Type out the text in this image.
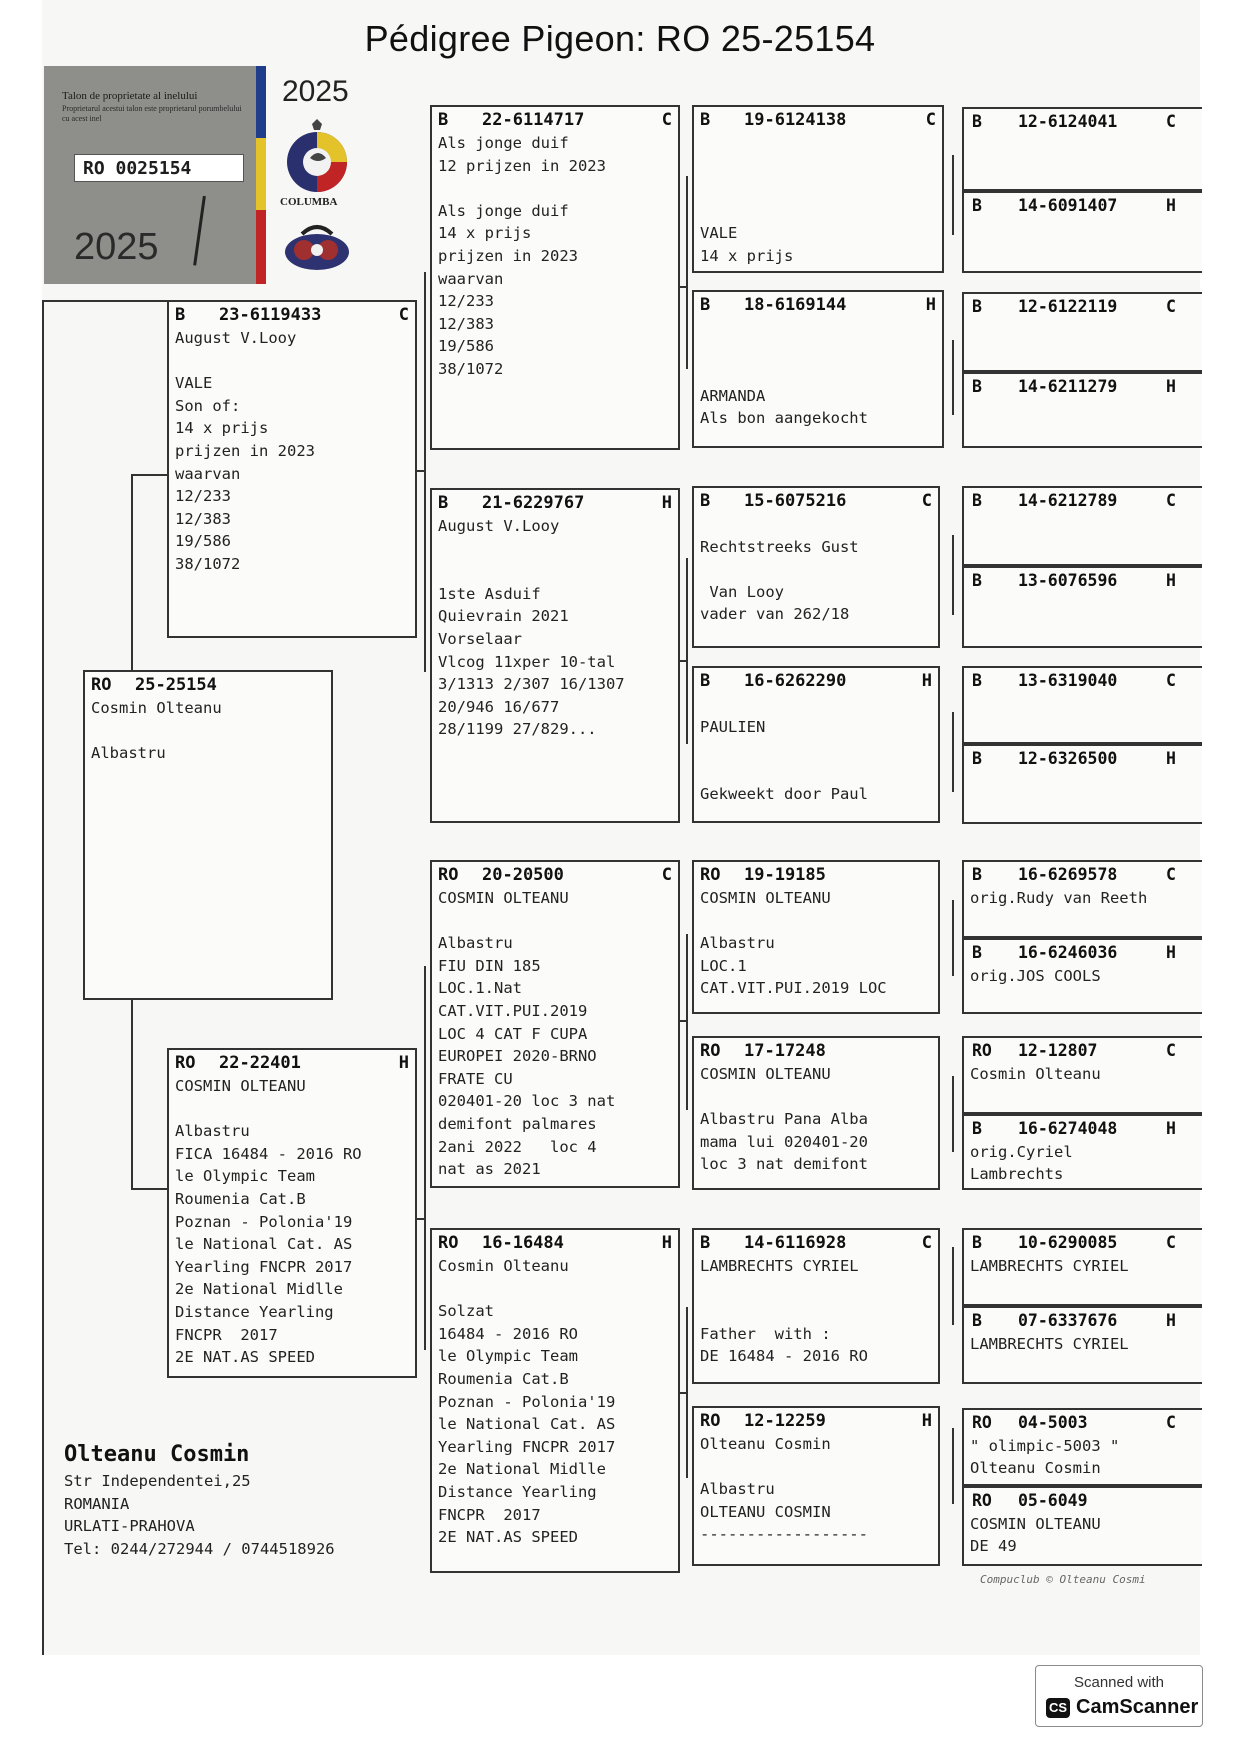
Pédigree Pigeon: RO 25-25154
Talon de proprietate al inelului
Proprietarul acestui talon este proprietarul porumbelului cu acest inel
RO 0025154
2025
2025
COLUMBA
RO	25-25154

Cosmin Olteanu

Albastru
B	23-6119433	C
August V.Looy

VALE
Son of:
14 x prijs
prijzen in 2023
waarvan
12/233
12/383
19/586
38/1072
RO	22-22401	H
COSMIN OLTEANU

Albastru
FICA 16484 - 2016 RO
le Olympic Team
Roumenia Cat.B
Poznan - Polonia'19
le National Cat. AS
Yearling FNCPR 2017
2e National Midlle
Distance Yearling
FNCPR  2017
2E NAT.AS SPEED
B	22-6114717	C
Als jonge duif
12 prijzen in 2023

Als jonge duif
14 x prijs
prijzen in 2023
waarvan
12/233
12/383
19/586
38/1072
B	21-6229767	H
August V.Looy

1ste Asduif
Quievrain 2021
Vorselaar
Vlcog 11xper 10-tal
3/1313 2/307 16/1307
20/946 16/677
28/1199 27/829...
RO	20-20500	C
COSMIN OLTEANU

Albastru
FIU DIN 185
LOC.1.Nat
CAT.VIT.PUI.2019
LOC 4 CAT F CUPA
EUROPEI 2020-BRNO
FRATE CU
020401-20 loc 3 nat
demifont palmares
2ani 2022   loc 4
nat as 2021
RO	16-16484	H
Cosmin Olteanu

Solzat
16484 - 2016 RO
le Olympic Team
Roumenia Cat.B
Poznan - Polonia'19
le National Cat. AS
Yearling FNCPR 2017
2e National Midlle
Distance Yearling
FNCPR  2017
2E NAT.AS SPEED
B	19-6124138	C

VALE
14 x prijs
B	18-6169144	H

ARMANDA
Als bon aangekocht
B	15-6075216	C

Rechtstreeks Gust

Van Looy
vader van 262/18
B	16-6262290	H

PAULIEN

Gekweekt door Paul
RO	19-19185

COSMIN OLTEANU

Albastru
LOC.1
CAT.VIT.PUI.2019 LOC
RO	17-17248

COSMIN OLTEANU

Albastru Pana Alba
mama lui 020401-20
loc 3 nat demifont
B	14-6116928	C
LAMBRECHTS CYRIEL

Father  with :
DE 16484 - 2016 RO
RO	12-12259	H
Olteanu Cosmin

Albastru
OLTEANU COSMIN
------------------
B	12-6124041	C
B	14-6091407	H
B	12-6122119	C
B	14-6211279	H
B	14-6212789	C
B	13-6076596	H
B	13-6319040	C
B	12-6326500	H
B	16-6269578	C
orig.Rudy van Reeth
B	16-6246036	H
orig.JOS COOLS
RO	12-12807	C
Cosmin Olteanu
B	16-6274048	H
orig.Cyriel
Lambrechts
B	10-6290085	C
LAMBRECHTS CYRIEL
B	07-6337676	H
LAMBRECHTS CYRIEL
RO	04-5003	C
" olimpic-5003 "
Olteanu Cosmin
RO	05-6049

COSMIN OLTEANU
DE 49
Olteanu Cosmin
Str Independentei,25
ROMANIA
URLATI-PRAHOVA
Tel: 0244/272944 / 0744518926
Compuclub © Olteanu Cosmi
Scanned with
CS CamScanner
